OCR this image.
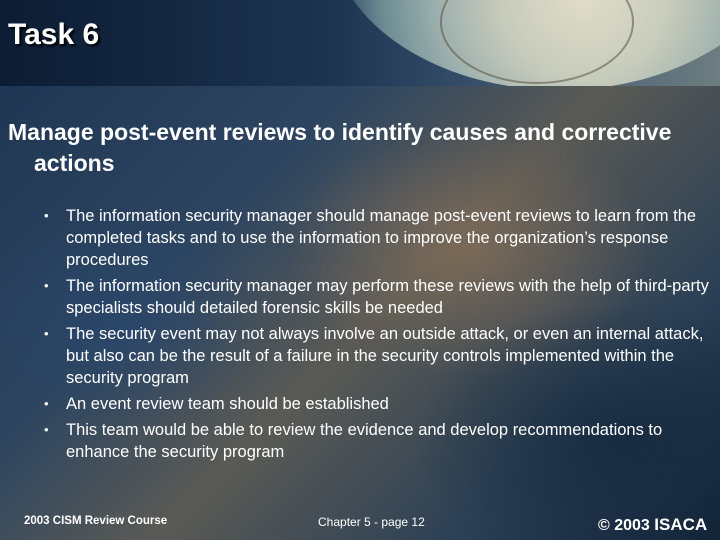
Task 6

Manage post-event reviews to identify causes and corrective actions

• The information security manager should manage post-event reviews to learn from the completed tasks and to use the information to improve the organization’s response procedures
• The information security manager may perform these reviews with the help of third-party specialists should detailed forensic skills be needed
• The security event may not always involve an outside attack, or even an internal attack, but also can be the result of a failure in the security controls implemented within the security program
• An event review team should be established
• This team would be able to review the evidence and develop recommendations to enhance the security program
2003 CISM Review Course	Chapter 5 - page 12	© 2003 ISACA
